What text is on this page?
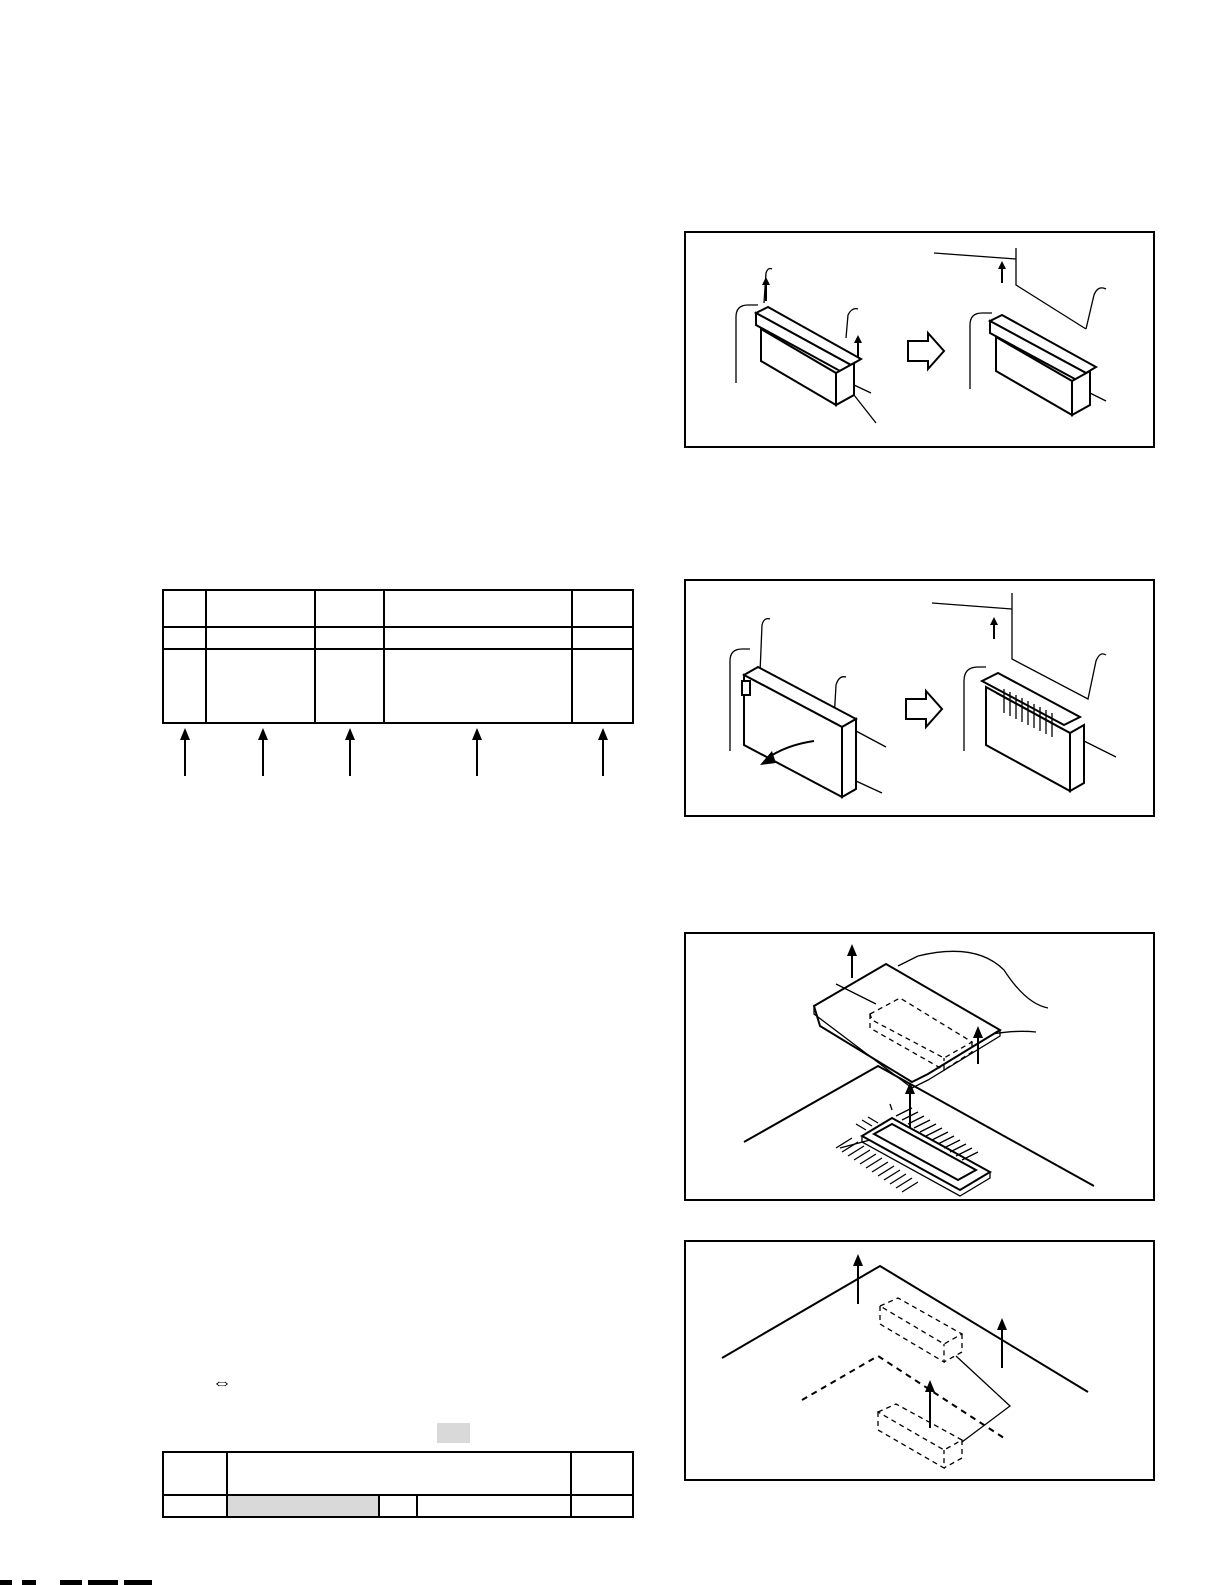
⇔
